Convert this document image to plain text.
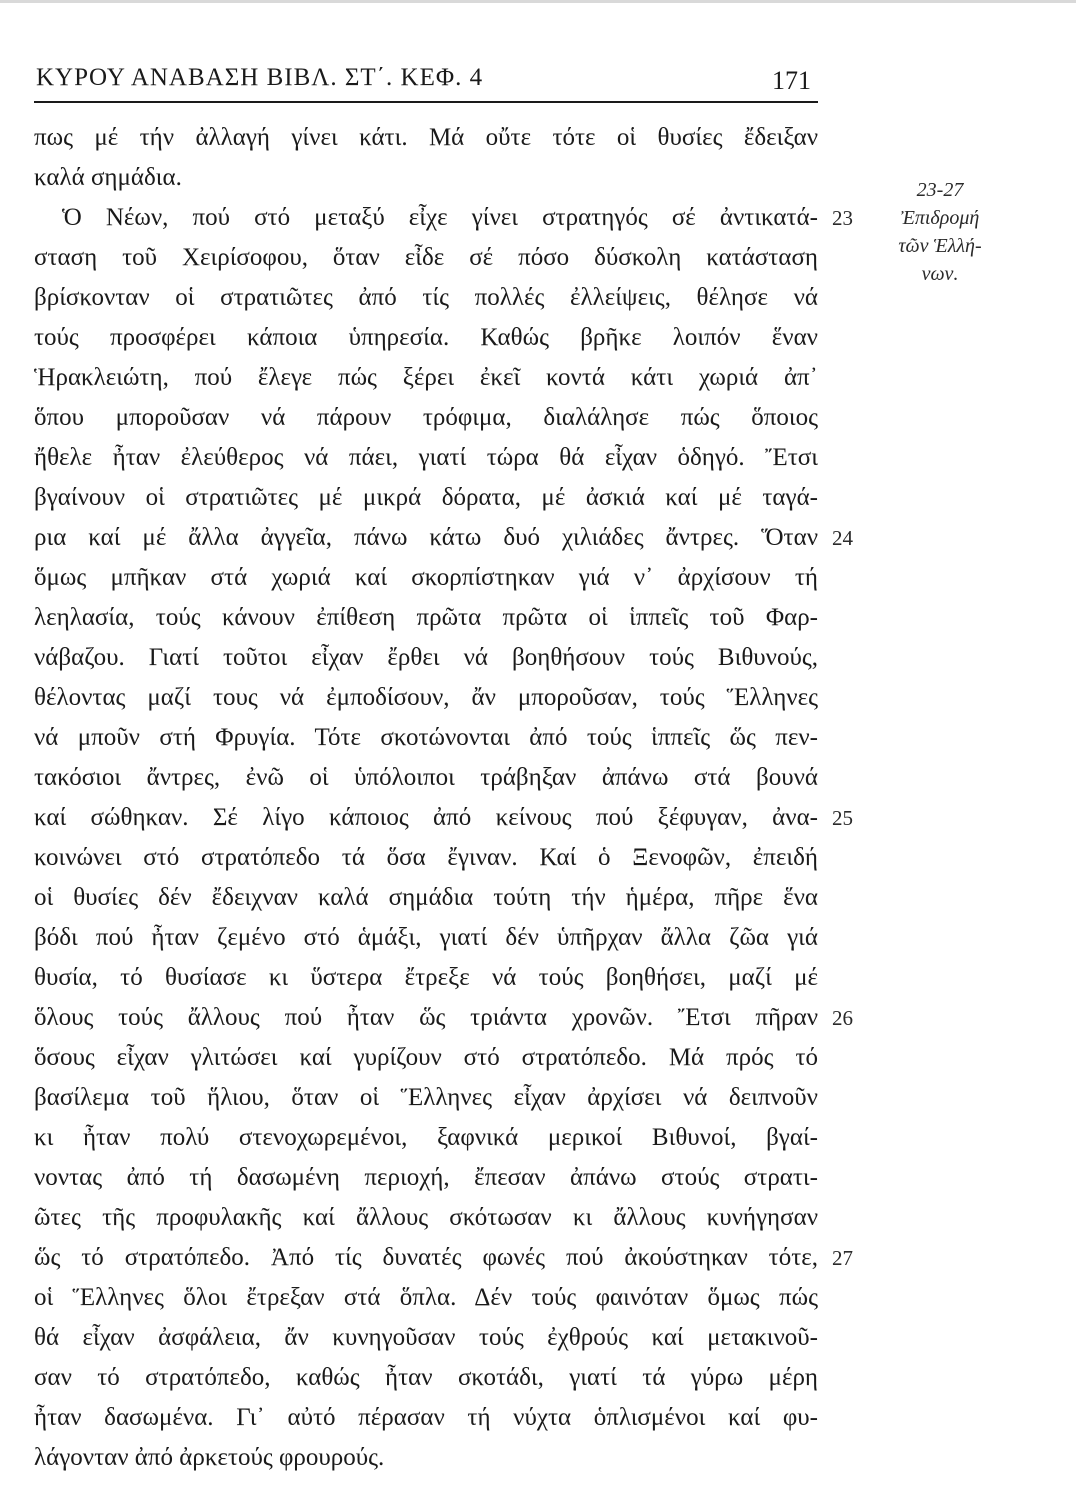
ΚΥΡΟΥ ΑΝΑΒΑΣΗ ΒΙΒΛ. ΣΤ΄. ΚΕΦ. 4	171
πως μέ τήν ἀλλαγή γίνει κάτι. Μά οὔτε τότε οἱ θυσίες ἔδειξαν
καλά σημάδια.
Ὁ Νέων, πού στό μεταξύ εἶχε γίνει στρατηγός σέ ἀντικατά-
σταση τοῦ Χειρίσοφου, ὅταν εἶδε σέ πόσο δύσκολη κατάσταση
βρίσκονταν οἱ στρατιῶτες ἀπό τίς πολλές ἐλλείψεις, θέλησε νά
τούς προσφέρει κάποια ὑπηρεσία. Καθώς βρῆκε λοιπόν ἕναν
Ἡρακλειώτη, πού ἔλεγε πώς ξέρει ἐκεῖ κοντά κάτι χωριά ἀπ᾿
ὅπου μποροῦσαν νά πάρουν τρόφιμα, διαλάλησε πώς ὅποιος
ἤθελε ἦταν ἐλεύθερος νά πάει, γιατί τώρα θά εἶχαν ὁδηγό. Ἔτσι
βγαίνουν οἱ στρατιῶτες μέ μικρά δόρατα, μέ ἀσκιά καί μέ ταγά-
ρια καί μέ ἄλλα ἀγγεῖα, πάνω κάτω δυό χιλιάδες ἄντρες. Ὅταν
ὅμως μπῆκαν στά χωριά καί σκορπίστηκαν γιά ν᾿ ἀρχίσουν τή
λεηλασία, τούς κάνουν ἐπίθεση πρῶτα πρῶτα οἱ ἱππεῖς τοῦ Φαρ-
νάβαζου. Γιατί τοῦτοι εἶχαν ἔρθει νά βοηθήσουν τούς Βιθυνούς,
θέλοντας μαζί τους νά ἐμποδίσουν, ἄν μποροῦσαν, τούς Ἕλληνες
νά μποῦν στή Φρυγία. Τότε σκοτώνονται ἀπό τούς ἱππεῖς ὥς πεν-
τακόσιοι ἄντρες, ἐνῶ οἱ ὑπόλοιποι τράβηξαν ἀπάνω στά βουνά
καί σώθηκαν. Σέ λίγο κάποιος ἀπό κείνους πού ξέφυγαν, ἀνα-
κοινώνει στό στρατόπεδο τά ὅσα ἔγιναν. Καί ὁ Ξενοφῶν, ἐπειδή
οἱ θυσίες δέν ἔδειχναν καλά σημάδια τούτη τήν ἡμέρα, πῆρε ἕνα
βόδι πού ἦταν ζεμένο στό ἁμάξι, γιατί δέν ὑπῆρχαν ἄλλα ζῶα γιά
θυσία, τό θυσίασε κι ὕστερα ἔτρεξε νά τούς βοηθήσει, μαζί μέ
ὅλους τούς ἄλλους πού ἦταν ὥς τριάντα χρονῶν. Ἔτσι πῆραν
ὅσους εἶχαν γλιτώσει καί γυρίζουν στό στρατόπεδο. Μά πρός τό
βασίλεμα τοῦ ἥλιου, ὅταν οἱ Ἕλληνες εἶχαν ἀρχίσει νά δειπνοῦν
κι ἦταν πολύ στενοχωρεμένοι, ξαφνικά μερικοί Βιθυνοί, βγαί-
νοντας ἀπό τή δασωμένη περιοχή, ἔπεσαν ἀπάνω στούς στρατι-
ῶτες τῆς προφυλακῆς καί ἄλλους σκότωσαν κι ἄλλους κυνήγησαν
ὥς τό στρατόπεδο. Ἀπό τίς δυνατές φωνές πού ἀκούστηκαν τότε,
οἱ Ἕλληνες ὅλοι ἔτρεξαν στά ὅπλα. Δέν τούς φαινόταν ὅμως πώς
θά εἶχαν ἀσφάλεια, ἄν κυνηγοῦσαν τούς ἐχθρούς καί μετακινοῦ-
σαν τό στρατόπεδο, καθώς ἦταν σκοτάδι, γιατί τά γύρω μέρη
ἦταν δασωμένα. Γι᾿ αὐτό πέρασαν τή νύχτα ὁπλισμένοι καί φυ-
λάγονταν ἀπό ἀρκετούς φρουρούς.
23
24
25
26
27
23-27
Ἐπιδρομή
τῶν Ἑλλή-
νων.
